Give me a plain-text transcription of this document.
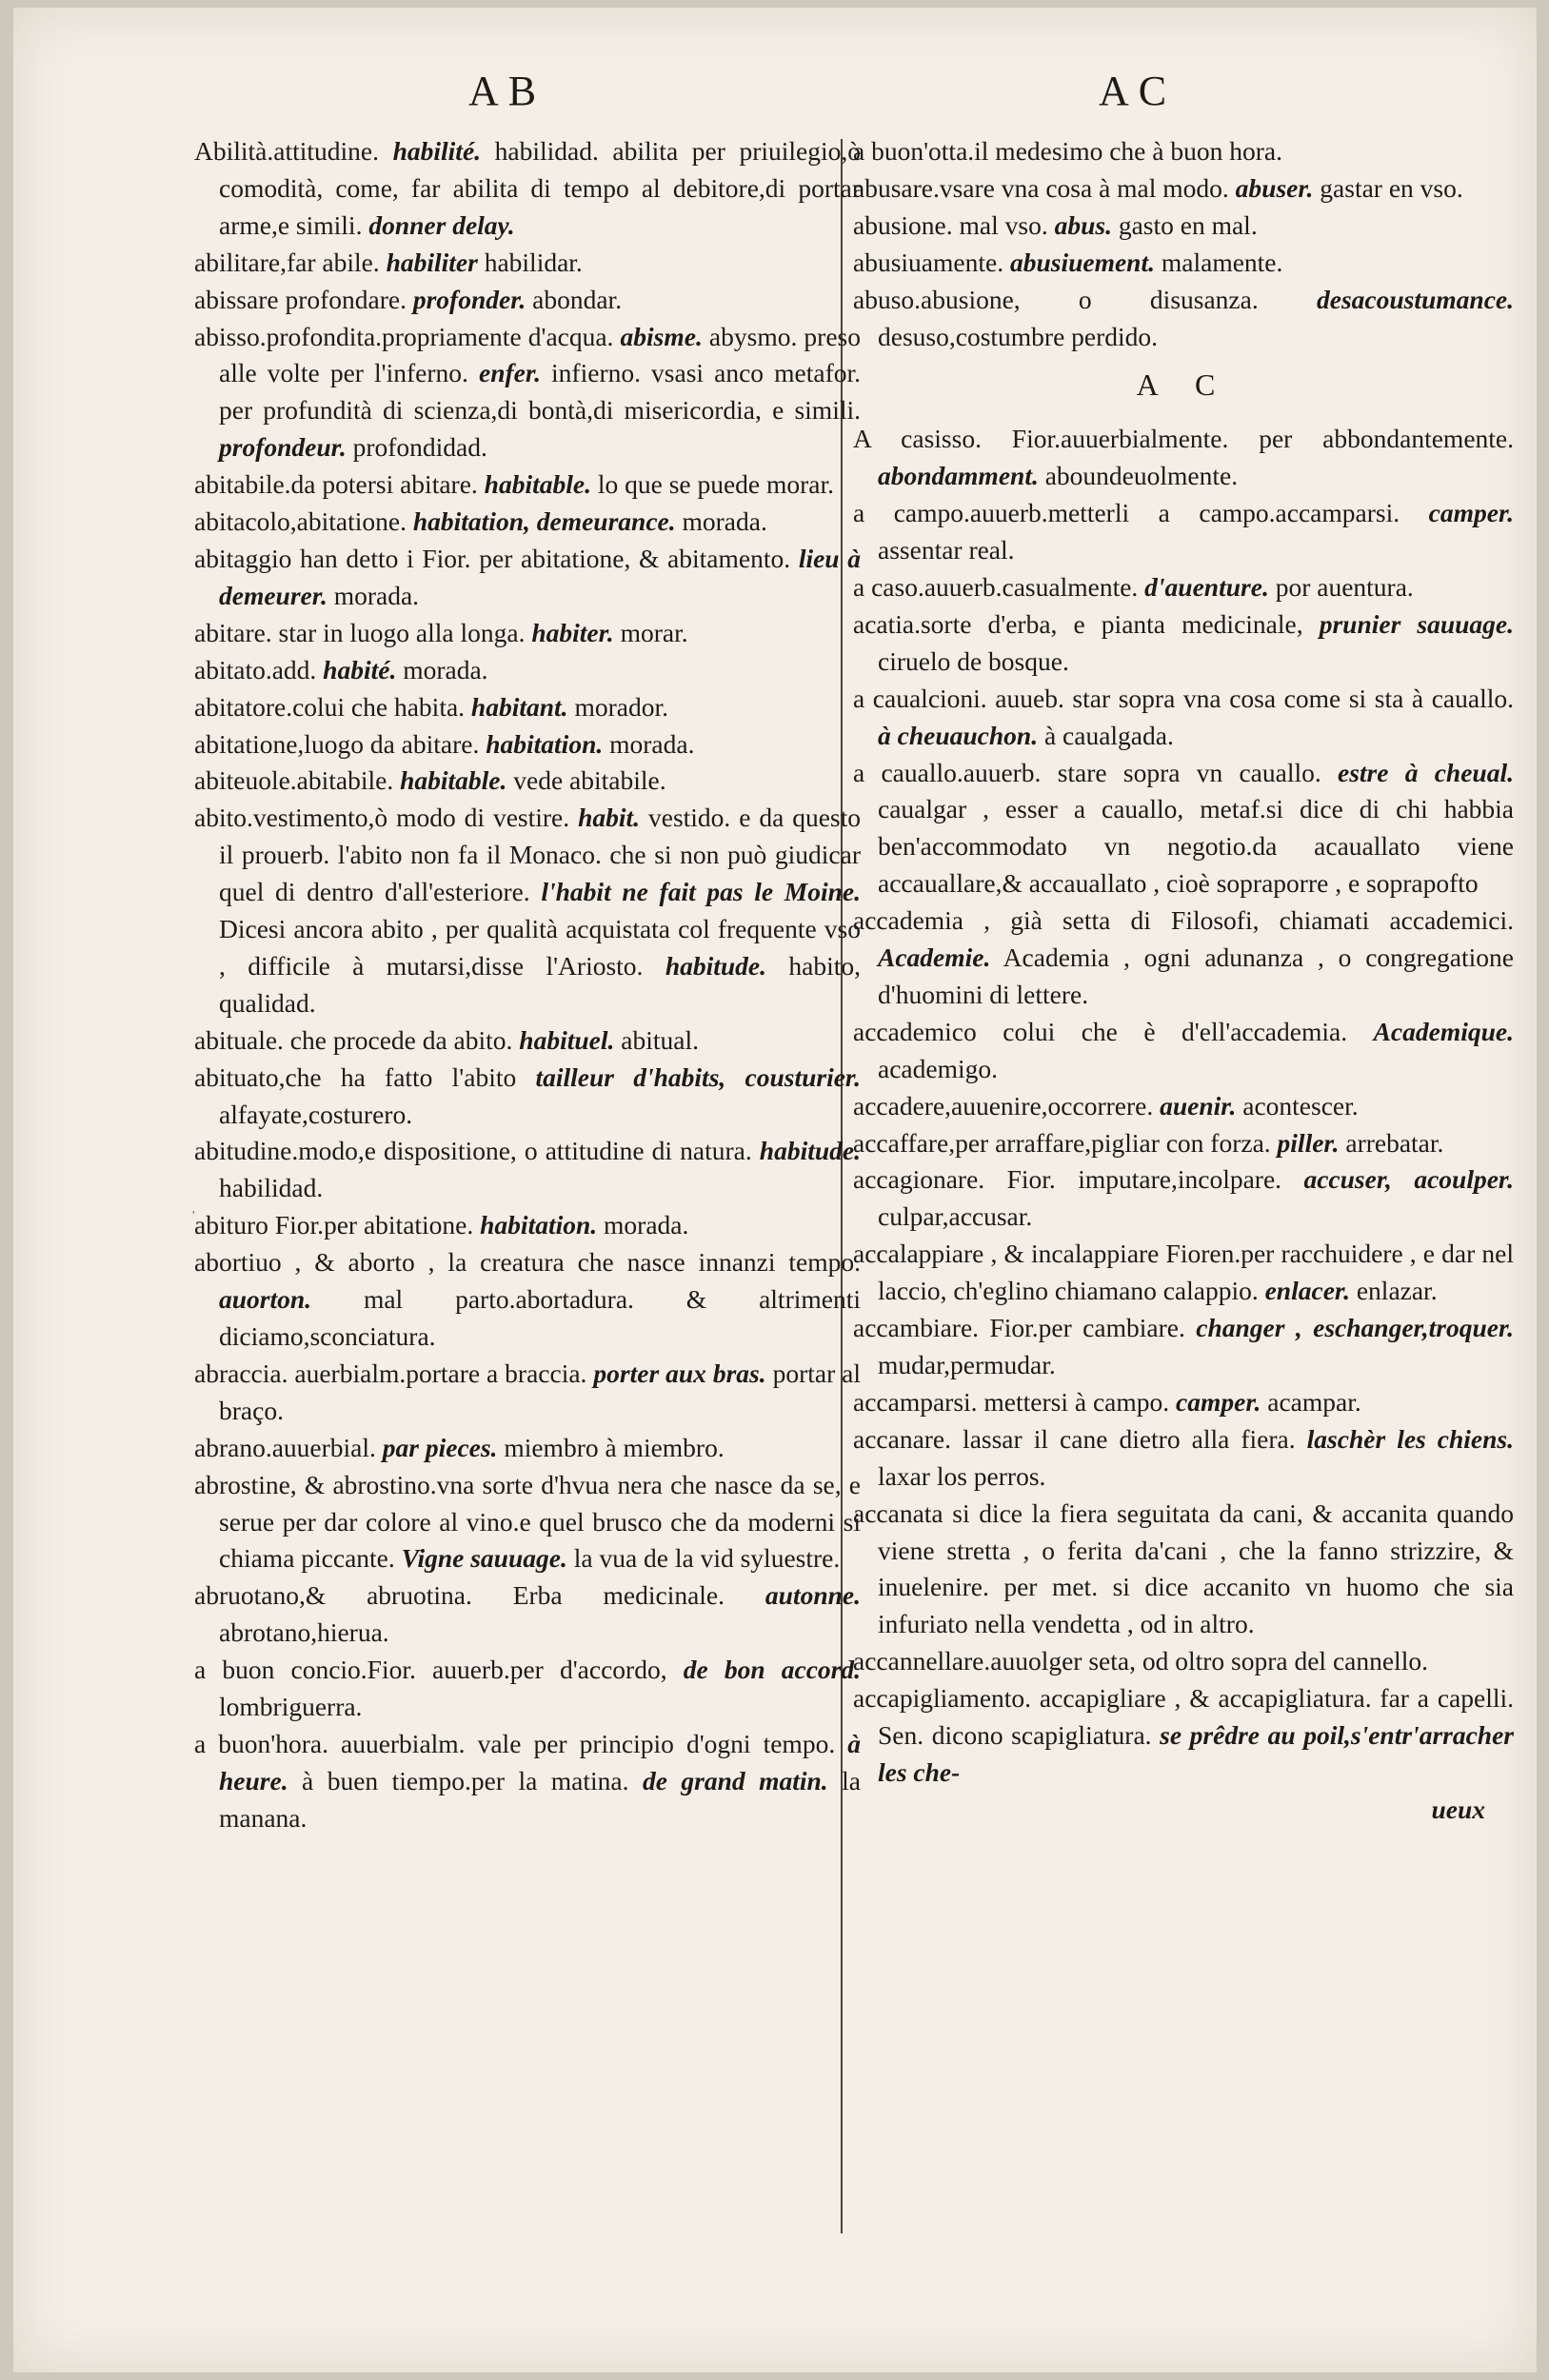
AB	AC
'
Abilità.attitudine. habilité. habilidad. abilita per priuilegio,ò comodità, come, far abilita di tempo al debitore,di portar arme,e simili. donner delay.
abilitare,far abile. habiliter habilidar.
abissare profondare. profonder. abondar.
abisso.profondita.propriamente d'acqua. abisme. abysmo. preso alle volte per l'inferno. enfer. infierno. vsasi anco metafor. per profundità di scienza,di bontà,di misericordia, e simili. profondeur. profondidad.
abitabile.da potersi abitare. habitable. lo que se puede morar.
abitacolo,abitatione. habitation, demeurance. morada.
abitaggio han detto i Fior. per abitatione, & abitamento. lieu à demeurer. morada.
abitare. star in luogo alla longa. habiter. morar.
abitato.add. habité. morada.
abitatore.colui che habita. habitant. morador.
abitatione,luogo da abitare. habitation. morada.
abiteuole.abitabile. habitable. vede abitabile.
abito.vestimento,ò modo di vestire. habit. vestido. e da questo il prouerb. l'abito non fa il Monaco. che si non può giudicar quel di dentro d'all'esteriore. l'habit ne fait pas le Moine. Dicesi ancora abito , per qualità acquistata col frequente vso , difficile à mutarsi,disse l'Ariosto. habitude. habito, qualidad.
abituale. che procede da abito. habituel. abitual.
abituato,che ha fatto l'abito tailleur d'habits, cousturier. alfayate,costurero.
abitudine.modo,e dispositione, o attitudine di natura. habitude. habilidad.
abituro Fior.per abitatione. habitation. morada.
abortiuo , & aborto , la creatura che nasce innanzi tempo. auorton. mal parto.abortadura. & altrimenti diciamo,sconciatura.
abraccia. auerbialm.portare a braccia. porter aux bras. portar al braço.
abrano.auuerbial. par pieces. miembro à miembro.
abrostine, & abrostino.vna sorte d'hvua nera che nasce da se, e serue per dar colore al vino.e quel brusco che da moderni si chiama piccante. Vigne sauuage. la vua de la vid syluestre.
abruotano,& abruotina. Erba medicinale. autonne. abrotano,hierua.
a buon concio.Fior. auuerb.per d'accordo, de bon accord. lombriguerra.
a buon'hora. auuerbialm. vale per principio d'ogni tempo. à heure. à buen tiempo.per la matina. de grand matin. la manana.
a buon'otta.il medesimo che à buon hora.
abusare.vsare vna cosa à mal modo. abuser. gastar en vso.
abusione. mal vso. abus. gasto en mal.
abusiuamente. abusiuement. malamente.
abuso.abusione, o disusanza. desacoustumance. desuso,costumbre perdido.
A C
A casisso. Fior.auuerbialmente. per abbondantemente. abondamment. aboundeuolmente.
a campo.auuerb.metterli a campo.accamparsi. camper. assentar real.
a caso.auuerb.casualmente. d'auenture. por auentura.
acatia.sorte d'erba, e pianta medicinale, prunier sauuage. ciruelo de bosque.
a caualcioni. auueb. star sopra vna cosa come si sta à cauallo. à cheuauchon. à caualgada.
a cauallo.auuerb. stare sopra vn cauallo. estre à cheual. caualgar , esser a cauallo, metaf.si dice di chi habbia ben'accommodato vn negotio.da acauallato viene accauallare,& accauallato , cioè sopraporre , e soprapofto
accademia , già setta di Filosofi, chiamati accademici. Academie. Academia , ogni adunanza , o congregatione d'huomini di lettere.
accademico colui che è d'ell'accademia. Academique. academigo.
accadere,auuenire,occorrere. auenir. acontescer.
accaffare,per arraffare,pigliar con forza. piller. arrebatar.
accagionare. Fior. imputare,incolpare. accuser, acoulper. culpar,accusar.
accalappiare , & incalappiare Fioren.per racchuidere , e dar nel laccio, ch'eglino chiamano calappio. enlacer. enlazar.
accambiare. Fior.per cambiare. changer , eschanger,troquer. mudar,permudar.
accamparsi. mettersi à campo. camper. acampar.
accanare. lassar il cane dietro alla fiera. laschèr les chiens. laxar los perros.
accanata si dice la fiera seguitata da cani, & accanita quando viene stretta , o ferita da'cani , che la fanno strizzire, & inuelenire. per met. si dice accanito vn huomo che sia infuriato nella vendetta , od in altro.
accannellare.auuolger seta, od oltro sopra del cannello.
accapigliamento. accapigliare , & accapigliatura. far a capelli. Sen. dicono scapigliatura. se prêdre au poil,s'entr'arracher les che-
ueux
